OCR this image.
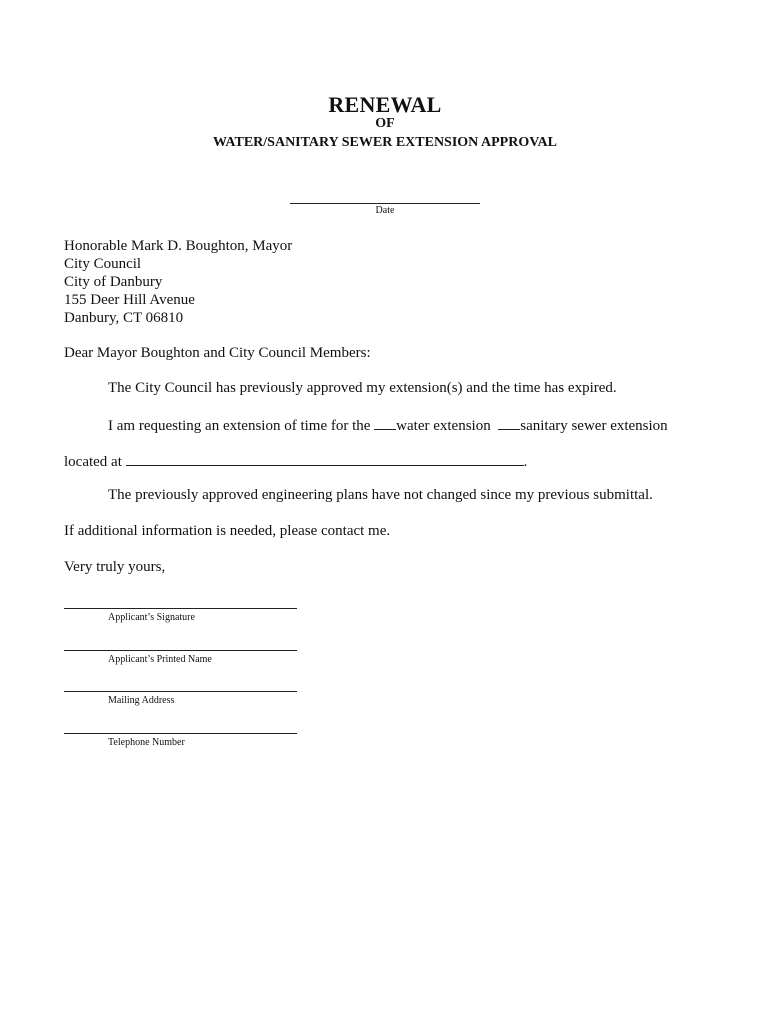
RENEWAL
OF
WATER/SANITARY SEWER EXTENSION APPROVAL
Date
Honorable Mark D. Boughton, Mayor
City Council
City of Danbury
155 Deer Hill Avenue
Danbury, CT 06810
Dear Mayor Boughton and City Council Members:
The City Council has previously approved my extension(s) and the time has expired.
I am requesting an extension of time for the water extension sanitary sewer extension
located at	.
The previously approved engineering plans have not changed since my previous submittal.
If additional information is needed, please contact me.
Very truly yours,
Applicant’s Signature
Applicant’s Printed Name
Mailing Address
Telephone Number
